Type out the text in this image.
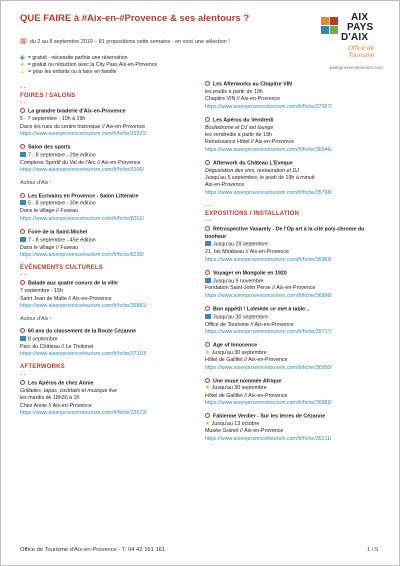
QUE FAIRE à #Aix-en-#Provence & ses alentours ?	AIX
PAYS
D'AIX
Office de
Tourisme
aixenprovencetourism.com
🗓 du 2 au 8 septembre 2019 – 81 propositions cette semaine - en voici une sélection !
▣ = gratuit - nécessite parfois une réservation
★ = gratuit ou réduction avec la City Pass Aix-en-Provence
☺ = pour les enfants ou à faire en famille
- -
FOIRES / SALONS
- -
La grandre braderie d'Aix-en-Provence
5 - 7 septembre - 10h à 19h
Dans les rues du centre historique // Aix-en-Provence
https://www.aixenprovencetourism.com/fr/fiche/29321/
Salon des sports
7 - 8 septembre - 29e édition
Complexe Sportif du Val de l'Arc // Aix-en-Provence
https://www.aixenprovencetourism.com/fr/fiche/5300/
Autour d'Aix :
Les Ecrivains en Provence - Salon Littéraire
5 - 8 septembre - 30e édition
Dans le village // Fuveau
https://www.aixenprovencetourism.com/fr/fiche/8301/
Foire de la Saint-Michel
7 - 8 septembre - 45e édition
Dans le village // Fuveau
https://www.aixenprovencetourism.com/fr/fiche/8230/
ÉVÉNEMENTS CULTURELS
- -
Balade aux quatre coeurs de la ville
7 septembre - 15h
Saint Jean de Malte // Aix-en-Provence
https://www.aixenprovencetourism.com/fr/fiche/36881/
Autour d'Aix :
60 ans du classement de la Route Cézanne
8 septembre
Parc du Château // Le Tholonet
https://www.aixenprovencetourism.com/fr/fiche/37110/
AFTERWORKS
- -
Les Apéros de chez Annie
Grillades, tapas, cocktails et musique live
les mardis de 18h30 à 1h
Chez Annie // Aix-en-Provence
https://www.aixenprovencetourism.com/fr/fiche/33573/
Les Afterworks au Chapitre VIN
les jeudis à partir de 19h
Chapitre VIN // Aix-en-Provence
https://www.aixenprovencetourism.com/fr/fiche/37057/
Les Apéros du Vendredi
Bouledrome et DJ set lounge
les vendredis à partir de 19h
Renaissance Hôtel // Aix-en-Provence
https://www.aixenprovencetourism.com/fr/fiche/36946/
Afterwork du Château L'Eveque
Dégustation des vins, restauration et DJ
Jusqu'au 5 septembre, le jeudi de 19h à minuit
Aix-en-Provence
https://www.aixenprovencetourism.com/fr/fiche/35798/
- -
EXPOSITIONS / INSTALLATION
- -
Rétrospective Vasarely - De l'Op art à la cité poly-chrome du bonheur
Jusqu'au 29 septembre
21, bis Mirabeau // Aix-en-Provence
https://www.aixenprovencetourism.com/fr/fiche/36969/
Voyager en Mongolie en 1920
Jusqu'au 9 novembre
Fondation Saint-John Perse // Aix-en-Provence
https://www.aixenprovencetourism.com/fr/fiche/36896/
Bon appétit ! Lolmède ce met à table...
Jusqu'au 30 septembre
Office de Tourisme // Aix-en-Provence
https://www.aixenprovencetourism.com/fr/fiche/35717/
Age of Innocence
★ Jusqu'au 30 septembre
Hôtel de Gallifet // Aix-en-Provence
https://www.aixenprovencetourism.com/fr/fiche/36950/
Une muse nommée Afrique
★ Jusqu'au 30 septembre
Hôtel de Gallifet // Aix-en-Provence
https://www.aixenprovencetourism.com/fr/fiche/36889/
Fabienne Verdier - Sur les terres de Cézanne
★ Jusqu'au 13 octobre
Musée Granet // Aix-en-Provence
https://www.aixenprovencetourism.com/fr/fiche/35211/
Office de Tourisme d'Aix-en-Provence - T. 04 42 161 161	1 / 5
